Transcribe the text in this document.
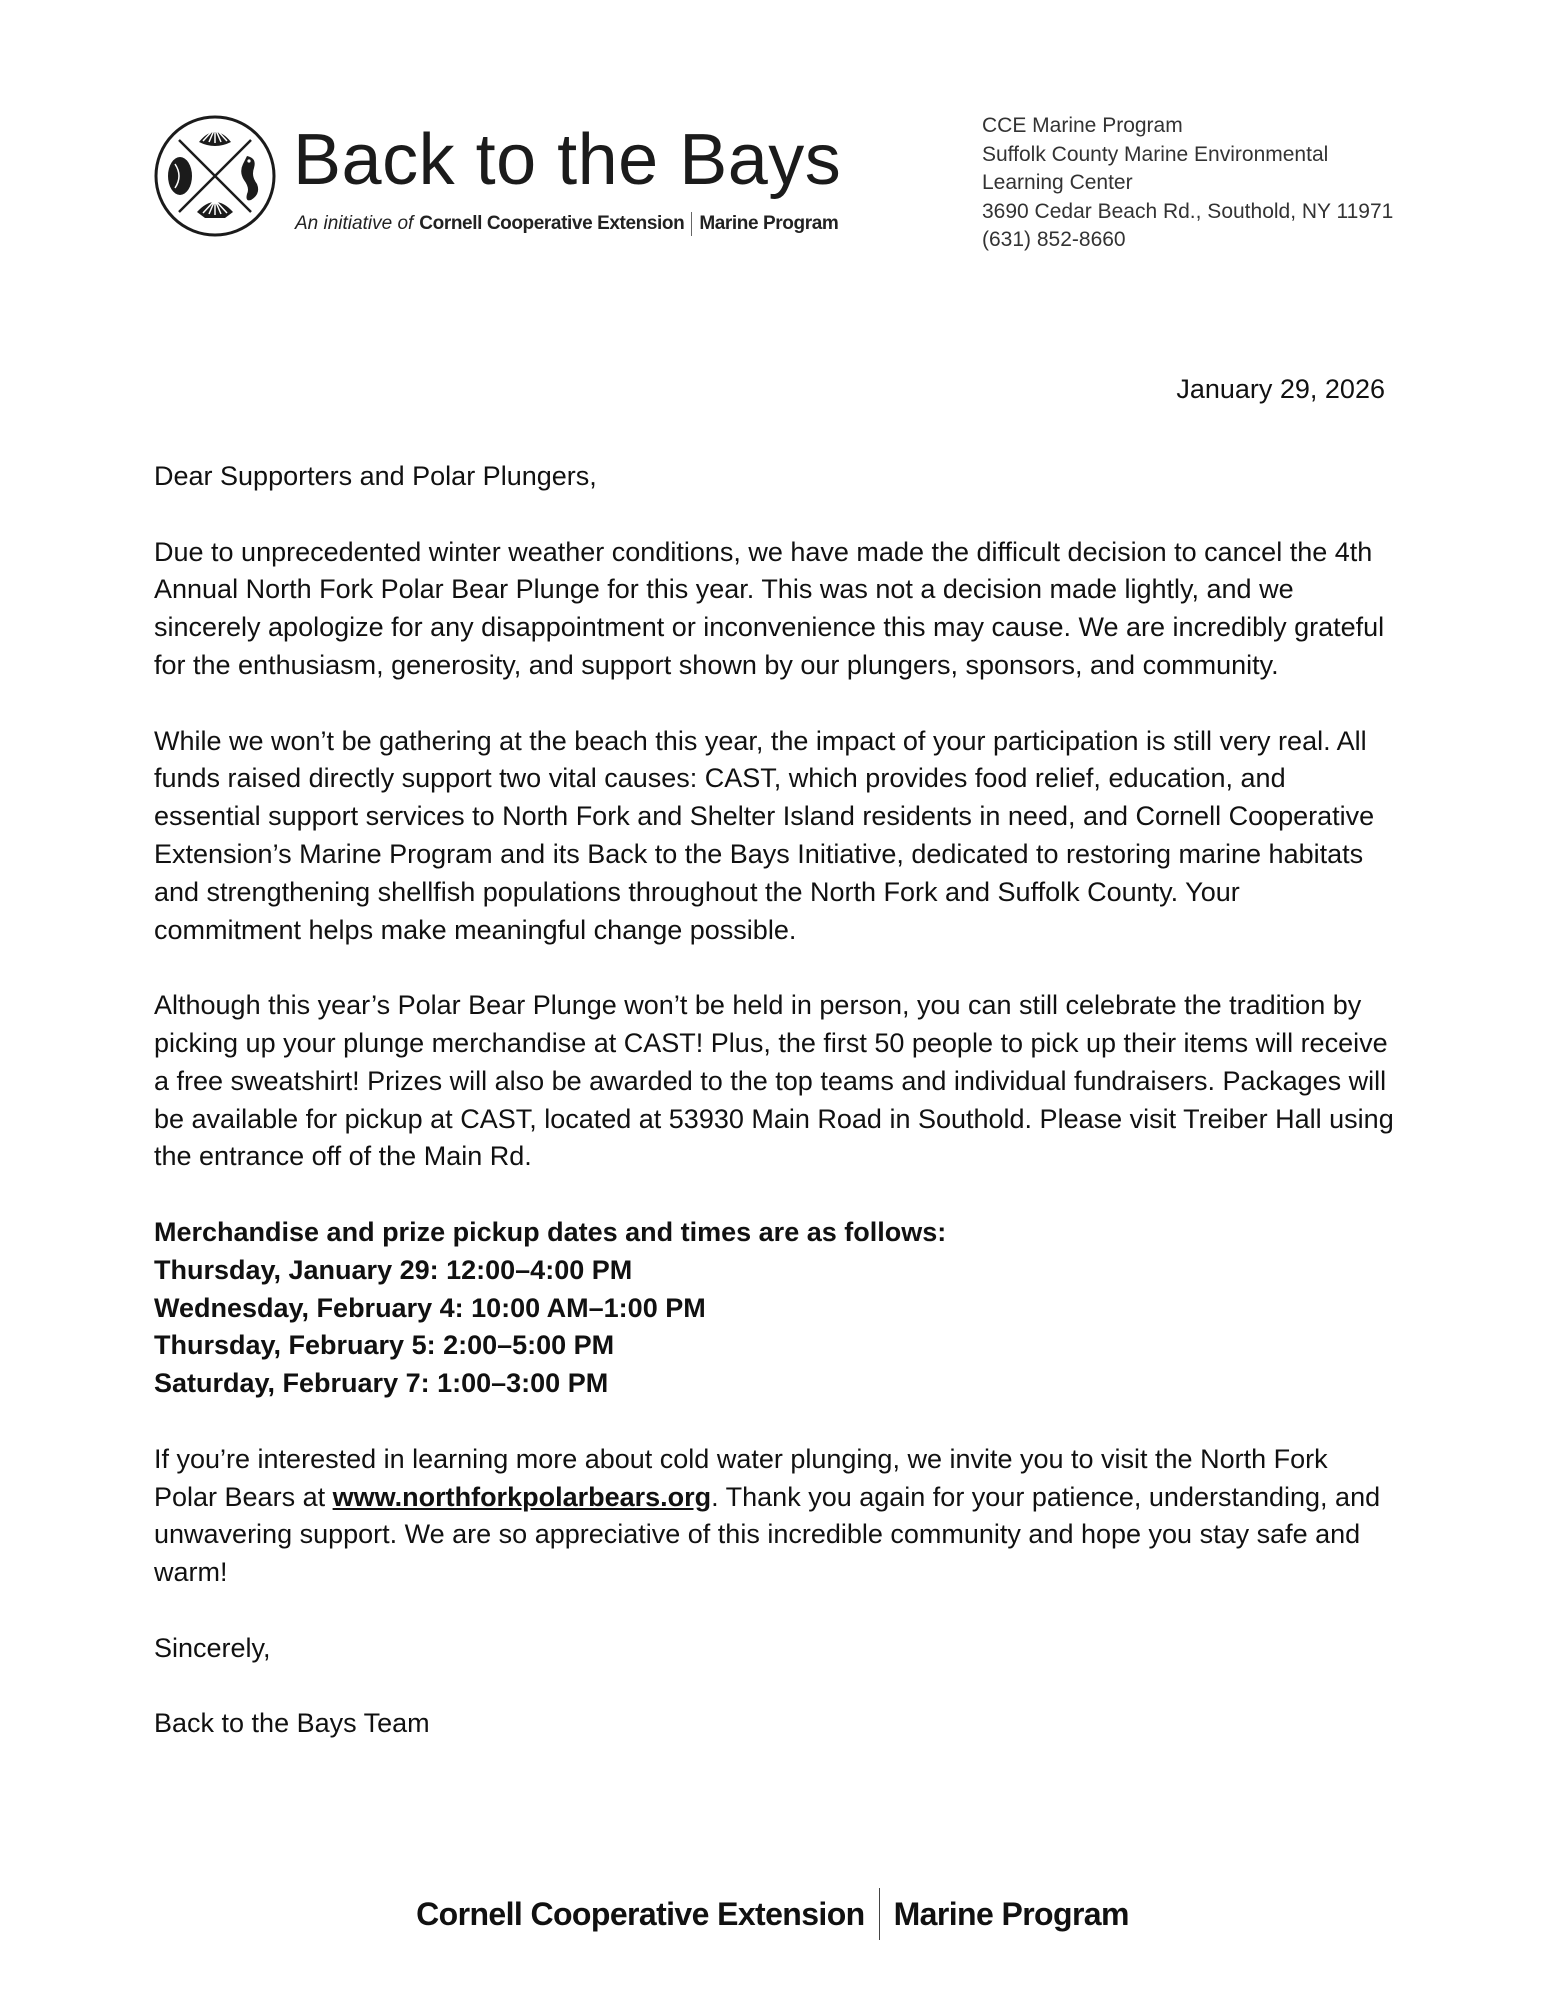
Back to the Bays
An initiative of Cornell Cooperative Extension Marine Program
CCE Marine Program
Suffolk County Marine Environmental
Learning Center
3690 Cedar Beach Rd., Southold, NY 11971
(631) 852-8660
January 29, 2026

Dear Supporters and Polar Plungers,

Due to unprecedented winter weather conditions, we have made the difficult decision to cancel the 4th Annual North Fork Polar Bear Plunge for this year. This was not a decision made lightly, and we sincerely apologize for any disappointment or inconvenience this may cause. We are incredibly grateful for the enthusiasm, generosity, and support shown by our plungers, sponsors, and community.

While we won’t be gathering at the beach this year, the impact of your participation is still very real. All funds raised directly support two vital causes: CAST, which provides food relief, education, and essential support services to North Fork and Shelter Island residents in need, and Cornell Cooperative Extension’s Marine Program and its Back to the Bays Initiative, dedicated to restoring marine habitats and strengthening shellfish populations throughout the North Fork and Suffolk County. Your commitment helps make meaningful change possible.

Although this year’s Polar Bear Plunge won’t be held in person, you can still celebrate the tradition by picking up your plunge merchandise at CAST! Plus, the first 50 people to pick up their items will receive a free sweatshirt! Prizes will also be awarded to the top teams and individual fundraisers. Packages will be available for pickup at CAST, located at 53930 Main Road in Southold. Please visit Treiber Hall using the entrance off of the Main Rd.

Merchandise and prize pickup dates and times are as follows:
Thursday, January 29: 12:00–4:00 PM
Wednesday, February 4: 10:00 AM–1:00 PM
Thursday, February 5: 2:00–5:00 PM
Saturday, February 7: 1:00–3:00 PM

If you’re interested in learning more about cold water plunging, we invite you to visit the North Fork Polar Bears at www.northforkpolarbears.org. Thank you again for your patience, understanding, and unwavering support. We are so appreciative of this incredible community and hope you stay safe and warm!

Sincerely,

Back to the Bays Team

Cornell Cooperative Extension Marine Program
